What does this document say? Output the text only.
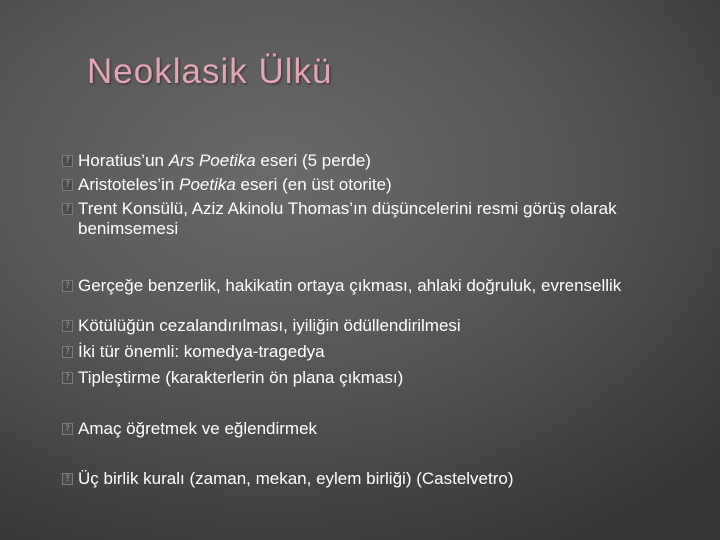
Neoklasik Ülkü
? Horatius’un Ars Poetika eseri (5 perde)
? Aristoteles’in Poetika eseri (en üst otorite)
? Trent Konsülü, Aziz Akinolu Thomas’ın düşüncelerini resmi görüş olarak benimsemesi
? Gerçeğe benzerlik, hakikatin ortaya çıkması, ahlaki doğruluk, evrensellik
? Kötülüğün cezalandırılması, iyiliğin ödüllendirilmesi
? İki tür önemli: komedya-tragedya
? Tipleştirme (karakterlerin ön plana çıkması)
? Amaç öğretmek ve eğlendirmek
? Üç birlik kuralı (zaman, mekan, eylem birliği) (Castelvetro)
